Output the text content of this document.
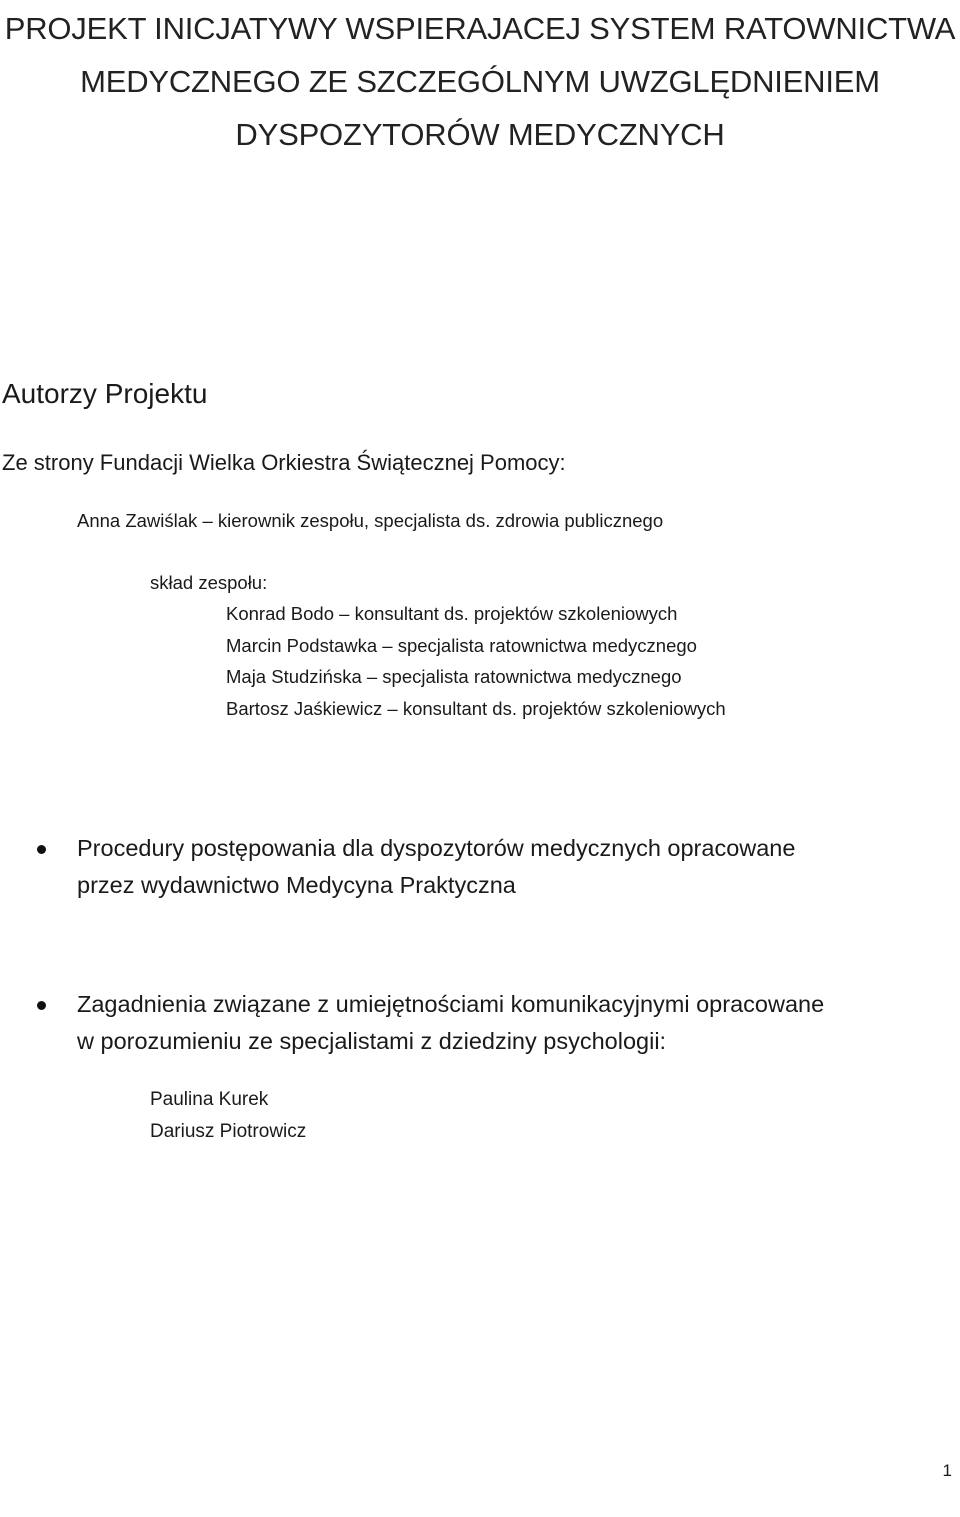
PROJEKT INICJATYWY WSPIERAJACEJ SYSTEM RATOWNICTWA
MEDYCZNEGO ZE SZCZEGÓLNYM UWZGLĘDNIENIEM
DYSPOZYTORÓW MEDYCZNYCH
Autorzy Projektu
Ze strony Fundacji Wielka Orkiestra Świątecznej Pomocy:
Anna Zawiślak – kierownik zespołu, specjalista ds. zdrowia publicznego
skład zespołu:
Konrad Bodo – konsultant ds. projektów szkoleniowych
Marcin Podstawka – specjalista ratownictwa medycznego
Maja Studzińska – specjalista ratownictwa medycznego
Bartosz Jaśkiewicz – konsultant ds. projektów szkoleniowych
Procedury postępowania dla dyspozytorów medycznych opracowane
przez wydawnictwo Medycyna Praktyczna
Zagadnienia związane z umiejętnościami komunikacyjnymi opracowane
w porozumieniu ze specjalistami z dziedziny psychologii:
Paulina Kurek
Dariusz Piotrowicz
1
